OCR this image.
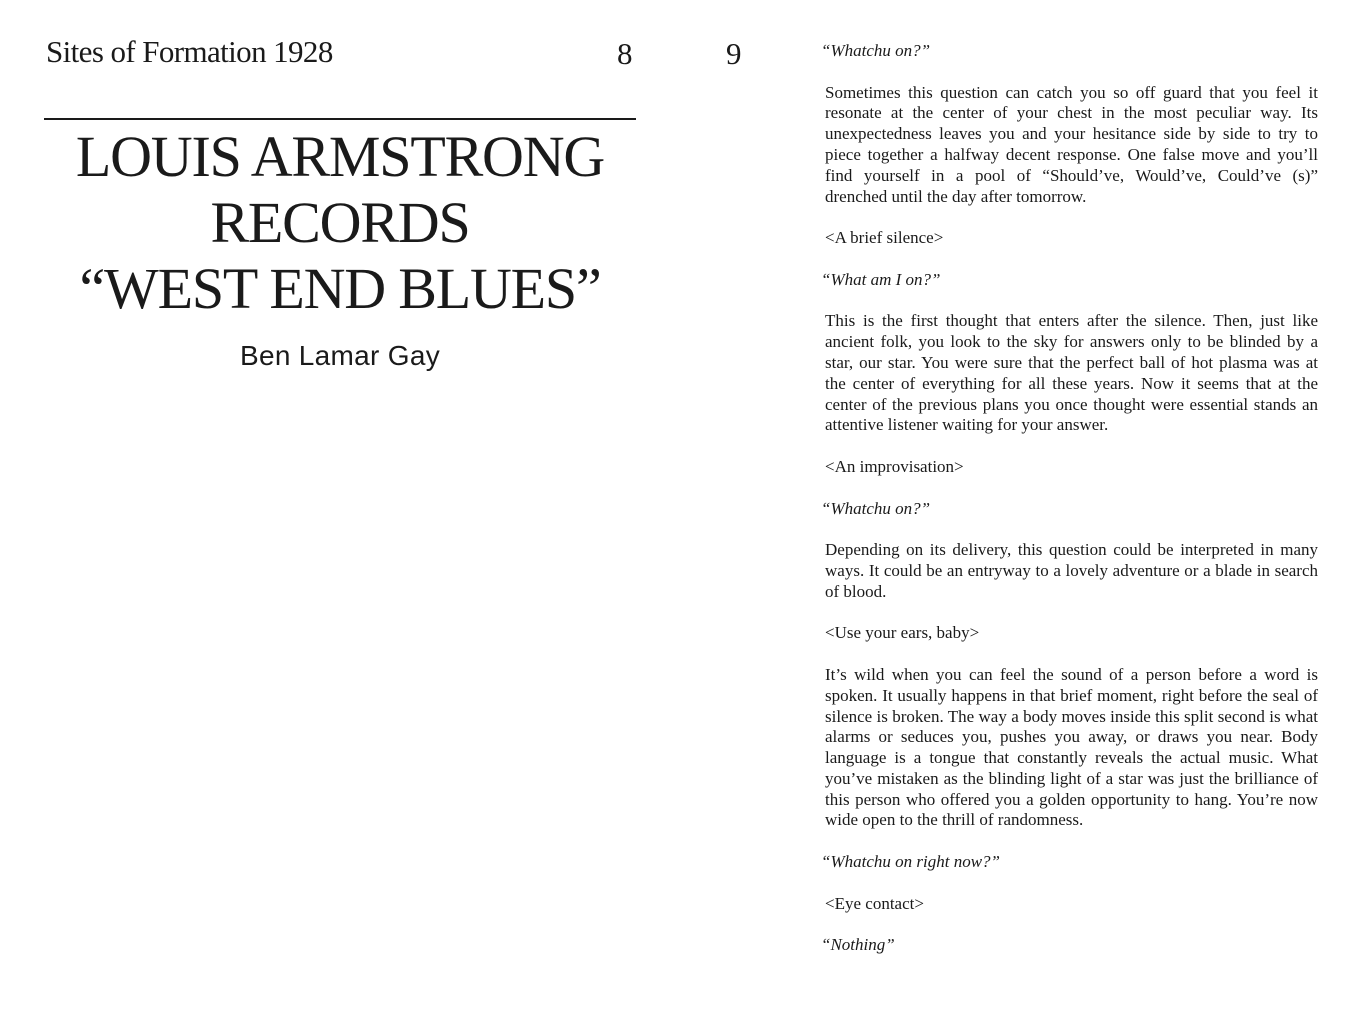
Sites of Formation 1928	8

LOUIS ARMSTRONG
RECORDS
“WEST END BLUES”

Ben Lamar Gay

9	“Whatchu on?”

Sometimes this question can catch you so off guard that you feel it resonate at the center of your chest in the most peculiar way. Its unexpectedness leaves you and your hesitance side by side to try to piece together a halfway decent response. One false move and you’ll find yourself in a pool of “Should’ve, Would’ve, Could’ve (s)” drenched until the day after tomorrow.

<A brief silence>

“What am I on?”

This is the first thought that enters after the silence. Then, just like ancient folk, you look to the sky for answers only to be blinded by a star, our star. You were sure that the perfect ball of hot plasma was at the center of everything for all these years. Now it seems that at the center of the previous plans you once thought were essential stands an attentive listener waiting for your answer.

<An improvisation>

“Whatchu on?”

Depending on its delivery, this question could be interpreted in many ways. It could be an entryway to a lovely adventure or a blade in search of blood.

<Use your ears, baby>

It’s wild when you can feel the sound of a person before a word is spoken. It usually happens in that brief moment, right before the seal of silence is broken. The way a body moves inside this split second is what alarms or seduces you, pushes you away, or draws you near. Body language is a tongue that constantly reveals the actual music. What you’ve mistaken as the blinding light of a star was just the brilliance of this person who offered you a golden opportunity to hang. You’re now wide open to the thrill of randomness.

“Whatchu on right now?”

<Eye contact>

“Nothing”
